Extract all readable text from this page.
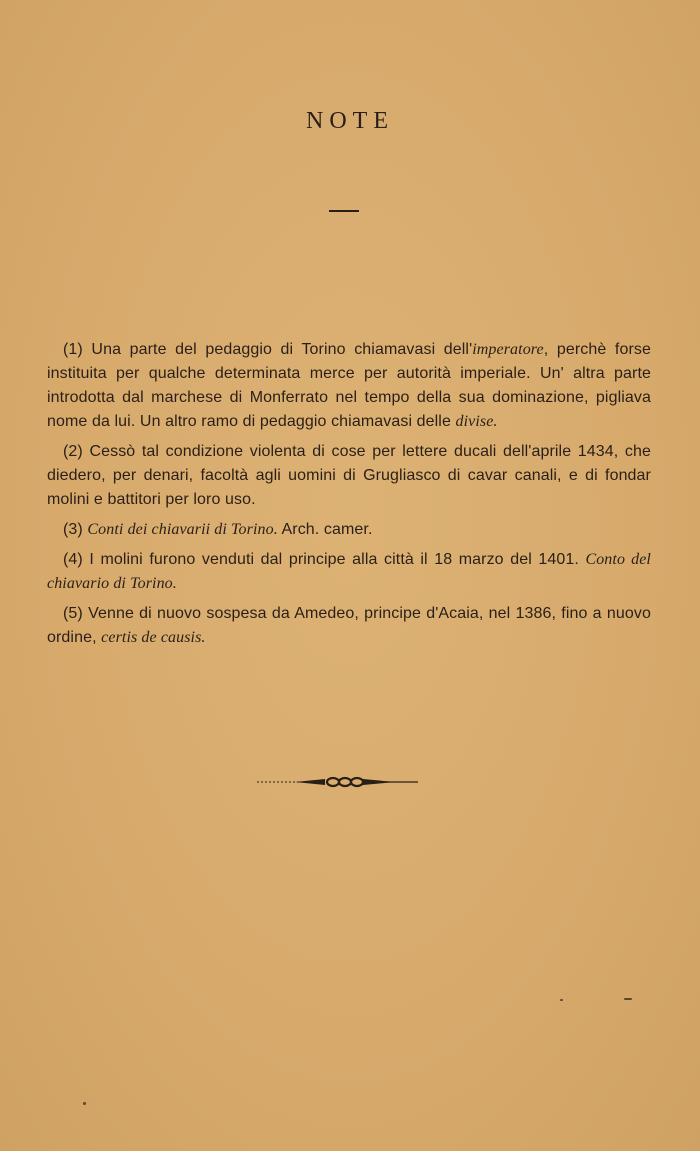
NOTE

(1) Una parte del pedaggio di Torino chiamavasi dell'imperatore, perchè forse instituita per qualche determinata merce per autorità imperiale. Un' altra parte introdotta dal marchese di Monferrato nel tempo della sua dominazione, pigliava nome da lui. Un altro ramo di pedaggio chiamavasi delle divise.

(2) Cessò tal condizione violenta di cose per lettere ducali dell'aprile 1434, che diedero, per denari, facoltà agli uomini di Grugliasco di cavar canali, e di fondar molini e battitori per loro uso.

(3) Conti dei chiavarii di Torino. Arch. camer.

(4) I molini furono venduti dal principe alla città il 18 marzo del 1401. Conto del chiavario di Torino.

(5) Venne di nuovo sospesa da Amedeo, principe d'Acaia, nel 1386, fino a nuovo ordine, certis de causis.
